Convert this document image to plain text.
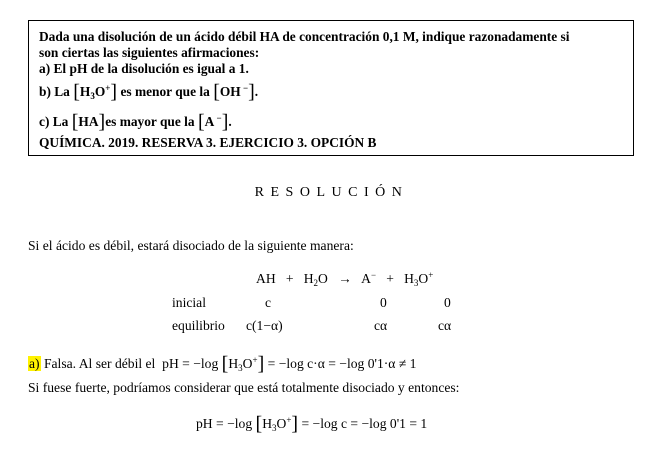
Dada una disolución de un ácido débil HA de concentración 0,1 M, indique razonadamente si

son ciertas las siguientes afirmaciones:

a) El pH de la disolución es igual a 1.

b) La $[H_3O^+]$ es menor que la [OH −].

c) La [HA]es mayor que la [A −].

QUÍMICA. 2019. RESERVA 3. EJERCICIO 3. OPCIÓN B

RESOLUCIÓN
Si el ácido es débil, estará disociado de la siguiente manera:
AH + $H_2O \to A^- + H_3O^+$
inicial	c	0	0
equilibrio c(1−α)	cα	cα
a) Falsa. Al ser débil el  pH = −log $[H_3O^+] = -\log$ c·α = −log 0'1·α ≠ 1
Si fuese fuerte, podríamos considerar que está totalmente disociado y entonces:
pH = −log $[H_3O^+] = -\log$ c = −log 0'1 = 1
